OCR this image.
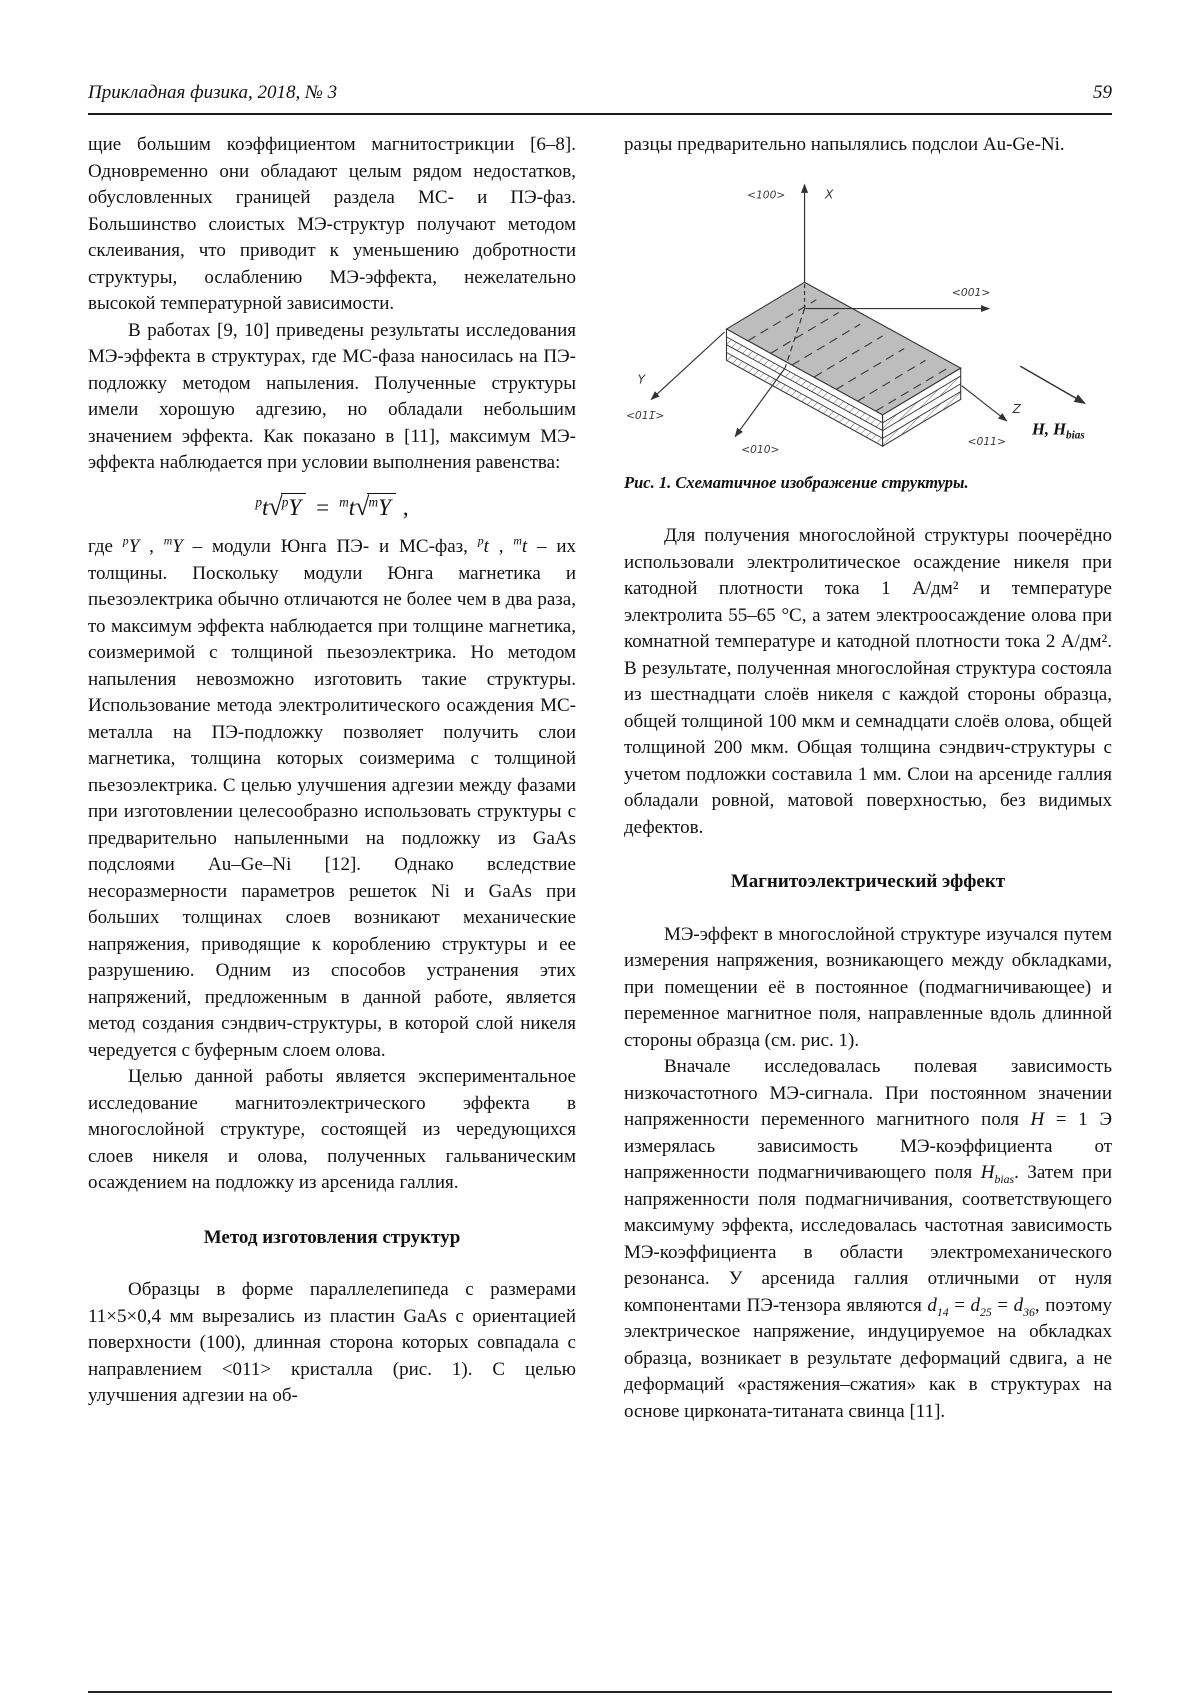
Прикладная физика, 2018, № 3	59

щие большим коэффициентом магнитострикции [6–8]. Одновременно они обладают целым рядом недостатков, обусловленных границей раздела МС- и ПЭ-фаз. Большинство слоистых МЭ-структур получают методом склеивания, что приводит к уменьшению добротности структуры, ослаблению МЭ-эффекта, нежелательно высокой температурной зависимости.

В работах [9, 10] приведены результаты исследования МЭ-эффекта в структурах, где МС-фаза наносилась на ПЭ-подложку методом напыления. Полученные структуры имели хорошую адгезию, но обладали небольшим значением эффекта. Как показано в [11], максимум МЭ-эффекта наблюдается при условии выполнения равенства:

$^p$t√$^p$Y = $^m$t√$^m$Y ,

где $^p$Y , $^m$Y – модули Юнга ПЭ- и МС-фаз, $^p$t , $^m$t – их толщины. Поскольку модули Юнга магнетика и пьезоэлектрика обычно отличаются не более чем в два раза, то максимум эффекта наблюдается при толщине магнетика, соизмеримой с толщиной пьезоэлектрика. Но методом напыления невозможно изготовить такие структуры. Использование метода электролитического осаждения МС-металла на ПЭ-подложку позволяет получить слои магнетика, толщина которых соизмерима с толщиной пьезоэлектрика. С целью улучшения адгезии между фазами при изготовлении целесообразно использовать структуры с предварительно напыленными на подложку из GaAs подслоями Au–Ge–Ni [12]. Однако вследствие несоразмерности параметров решеток Ni и GaAs при больших толщинах слоев возникают механические напряжения, приводящие к короблению структуры и ее разрушению. Одним из способов устранения этих напряжений, предложенным в данной работе, является метод создания сэндвич-структуры, в которой слой никеля чередуется с буферным слоем олова.

Целью данной работы является экспериментальное исследование магнитоэлектрического эффекта в многослойной структуре, состоящей из чередующихся слоев никеля и олова, полученных гальваническим осаждением на подложку из арсенида галлия.

Метод изготовления структур

Образцы в форме параллелепипеда с размерами 11×5×0,4 мм вырезались из пластин GaAs с ориентацией поверхности (100), длинная сторона которых совпадала с направлением <011> кристалла (рис. 1). С целью улучшения адгезии на об-

разцы предварительно напылялись подслои Au-Ge-Ni.

<100>	X
<001>
Y
<011̄>
<010>
Z
<011>
H, $H_{bias}$

Рис. 1. Схематичное изображение структуры.

Для получения многослойной структуры поочерёдно использовали электролитическое осаждение никеля при катодной плотности тока 1 А/дм² и температуре электролита 55–65 °С, а затем электроосаждение олова при комнатной температуре и катодной плотности тока 2 А/дм². В результате, полученная многослойная структура состояла из шестнадцати слоёв никеля с каждой стороны образца, общей толщиной 100 мкм и семнадцати слоёв олова, общей толщиной 200 мкм. Общая толщина сэндвич-структуры с учетом подложки составила 1 мм. Слои на арсениде галлия обладали ровной, матовой поверхностью, без видимых дефектов.

Магнитоэлектрический эффект

МЭ-эффект в многослойной структуре изучался путем измерения напряжения, возникающего между обкладками, при помещении её в постоянное (подмагничивающее) и переменное магнитное поля, направленные вдоль длинной стороны образца (см. рис. 1).

Вначале исследовалась полевая зависимость низкочастотного МЭ-сигнала. При постоянном значении напряженности переменного магнитного поля H = 1 Э измерялась зависимость МЭ-коэффициента от напряженности подмагничивающего поля $H_{bias}$. Затем при напряженности поля подмагничивания, соответствующего максимуму эффекта, исследовалась частотная зависимость МЭ-коэффициента в области электромеханического резонанса. У арсенида галлия отличными от нуля компонентами ПЭ-тензора являются $d_{14} = d_{25} = d_{36}$, поэтому электрическое напряжение, индуцируемое на обкладках образца, возникает в результате деформаций сдвига, а не деформаций «растяжения–сжатия» как в структурах на основе цирконата-титаната свинца [11].
